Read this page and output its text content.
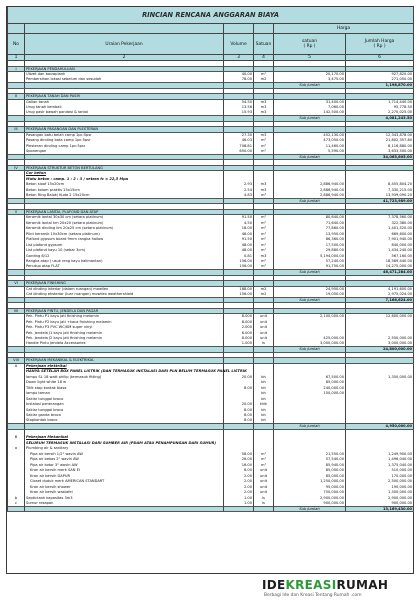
RINCIAN RENCANA ANGGARAN BIAYA					
				Harga	
No	Uraian Pekerjaan	Volume	Satuan	satuan
( Rp )	Jumlah Harga
( Rp )
1	2	3	4	5	6

I	PEKERJAAN PENDAHULUAN				
	Uitzet dan bouwplank	40.00	m¹	20,170.00	927,820.00
	Pembersihan lokasi sebelum dan sesudah	78.00	m2	3,475.00	271,050.00
				Sub Jumlah	1,198,870.00

II	PEKERJAAN TANAH DAN PASIR				
	Galian tanah	54.50	m3	31,400.00	1,714,440.00
	Urug tanah kembali	13.56	m3	7,060.00	95,778.50
	Urug pasir bawah pondasi & lantai	15.93	m3	142,500.00	2,270,025.00
				Sub Jumlah	4,081,243.50

III	PEKERJAAN PASANGAN DAN PLESTERAN				
	Pasangan batu belah camp 1pc:5psr	27.30	m3	452,130.00	12,343,878.00
	Pasang dinding bata camp 1pc:5psr	46.03	m²	473,050.00	21,802,357.80
	Plesteran dinding camp 1pc:5psr	708.81	m²	11,460.00	8,116,880.00
	Sponengan	650.00	m¹	5,590.00	3,633,500.00
				Sub Jumlah	34,065,605.00

IV	PEKERJAAN STRUKTUR BETON BERTULANG				
	Cor beton				
	Mutu beton : camp. 1 : 2 : 3 / setara fc = 22,5 Mpa				
	Beton sloof 15x20cm	2.93	m3	2,886,940.00	8,455,804.20
	Beton kolom praktis 15x15cm	2.54	m3	2,886,940.00	7,330,215.00
	Beton Ring Balok/ Kuda 2 15x20cm	4.83	m³	2,886,940.00	13,939,090.20
				Sub Jumlah	41,723,989.00

V	PEKERJAAN LANTAI, PLAFOND DAN ATAP				
	Keramik lantai 30x30 cm (setara platinum)	91.50	m²	80,640.00	7,378,560.00
	Keramik lantai km 20x20 (setara platinum)	4.50	m²	71,640.00	322,380.00
	Keramik dinding km 20x25 cm (setara platinum)	18.00	m²	77,860.00	1,401,520.00
	Plint keramik 10x30cm (setara platinum)	48.00	m¹	13,950.00	669,600.00
	Plafond gypsum board 9mm rangka hollow	91.50	m²	86,360.00	7,901,940.00
	List plafond gypsum	48.00	m¹	17,500.00	840,000.00
	List plafond kayu 10 (sebar 3cm)	48.00	m¹	29,880.00	1,434,240.00
	Gording 8/12	0.81	m3	5,194,000.00	567,160.00
	Rangka atap ( usuk reng kayu kalimantan)	156.00	m²	57,240.00	18,589,440.00
	Penutup atap FLAT	156.00	m²	91,750.00	14,275,000.00
				Sub Jumlah	46,471,284.00

VI	PEKERJAAN FINISHING				
	Cat dinding interior (dalam ruangan) mowilex	188.00	m2	24,950.00	4,191,600.00
	Cat dinding eksterior (luar ruangan) mowilex weathershield	156.00	m2	19,050.00	2,975,024.00
				Sub Jumlah	7,166,624.00

VII	PEKERJAAN PINTU, JENDELA DAN PAGAR				
	Pek. Pintu P1 kayu jati finishing melamin	8.000	unit	2,100,000.00	12,600,000.00
	Pek. Pintu P2 kayu jati +kaca finishing melamin	8.000	unit		
	Pek. Pintu P3 PVC WC/KM super vinyl	2.000	unit		
	Pek. Jendela J1 kayu jati finishing melamin	6.000	unit		
	Pek. Jendela J2 kayu jati finishing melamin	8.000	unit	425,000.00	2,550,000.00
	Handle Pintu Jendela Accessories	1.000	ls	3,000,000.00	3,000,000.00
				Sub Jumlah	24,800,000.00

VIII	PEKERJAAN MEKANIKAL & ELEKTRIKAL				
A	Pekerjaan elektrikal				
	HANYA SETELAH BOX PANEL LISTRIK (DAN TERMASUK INSTALASI DARI PLN BELUM TERMASUK PANEL LISTRIK				
	lampu SL 18 watt philip (termasuk fitting)	20.00	bh	67,500.00	1,350,000.00
	Down light white 18 w		bh	85,000.00	
	Titik stop kontak biasa	8.00	bh	240,000.00	
	lampu taman		bh	150,000.00	
	Saklar tunggal broco		bh		
	Instalasi penerangan	20.00	titik		
	Saklar tunggal broco	8.00	bh		
	Saklar ganda broco	8.00	bh		
	Stopkontak broco	8.00	bh		
				Sub Jumlah	4,950,000.00

B	Pekerjaan Mekanikal				
	SELURUH TERMASUK INSTALASI DARI SUMBER AIR (PDAM ATAU PENAMPUNGAN DARI SUMUR)				
a	Plumbing air & sanitary				
	Pipa air bersih 1/2" wavin AW	58.00	m¹	21,550.00	1,249,900.00
	Pipa air bekas 2" wavin AW	26.00	m¹	57,540.00	1,496,040.00
	Pipa air kotor 3" wavin AW	16.00	m¹	85,940.00	1,375,040.00
	Kran air bersih merk SAN EI	6.00	unit	85,000.00	510,000.00
	Kran air bersih DAPUR	2.00	unit	85,000.00	170,000.00
	Closet duduk merk AMERICAN STANDART	2.00	unit	1,250,000.00	2,500,000.00
	Kran air bersih shower	2.00	unit	95,000.00	190,000.00
	Kran air bersih wastafel	2.00	unit	750,000.00	1,500,000.00
b	Septictank kapasitas 3m3	1.00	ls	2,900,000.00	2,900,000.00
c	Sumur resapan	1.00	ls	900,000.00	900,000.00
				Sub Jumlah	13,169,430.00
IDEKREASIRUMAH
Berbagi Ide dan Kreasi Tentang Rumah .com
